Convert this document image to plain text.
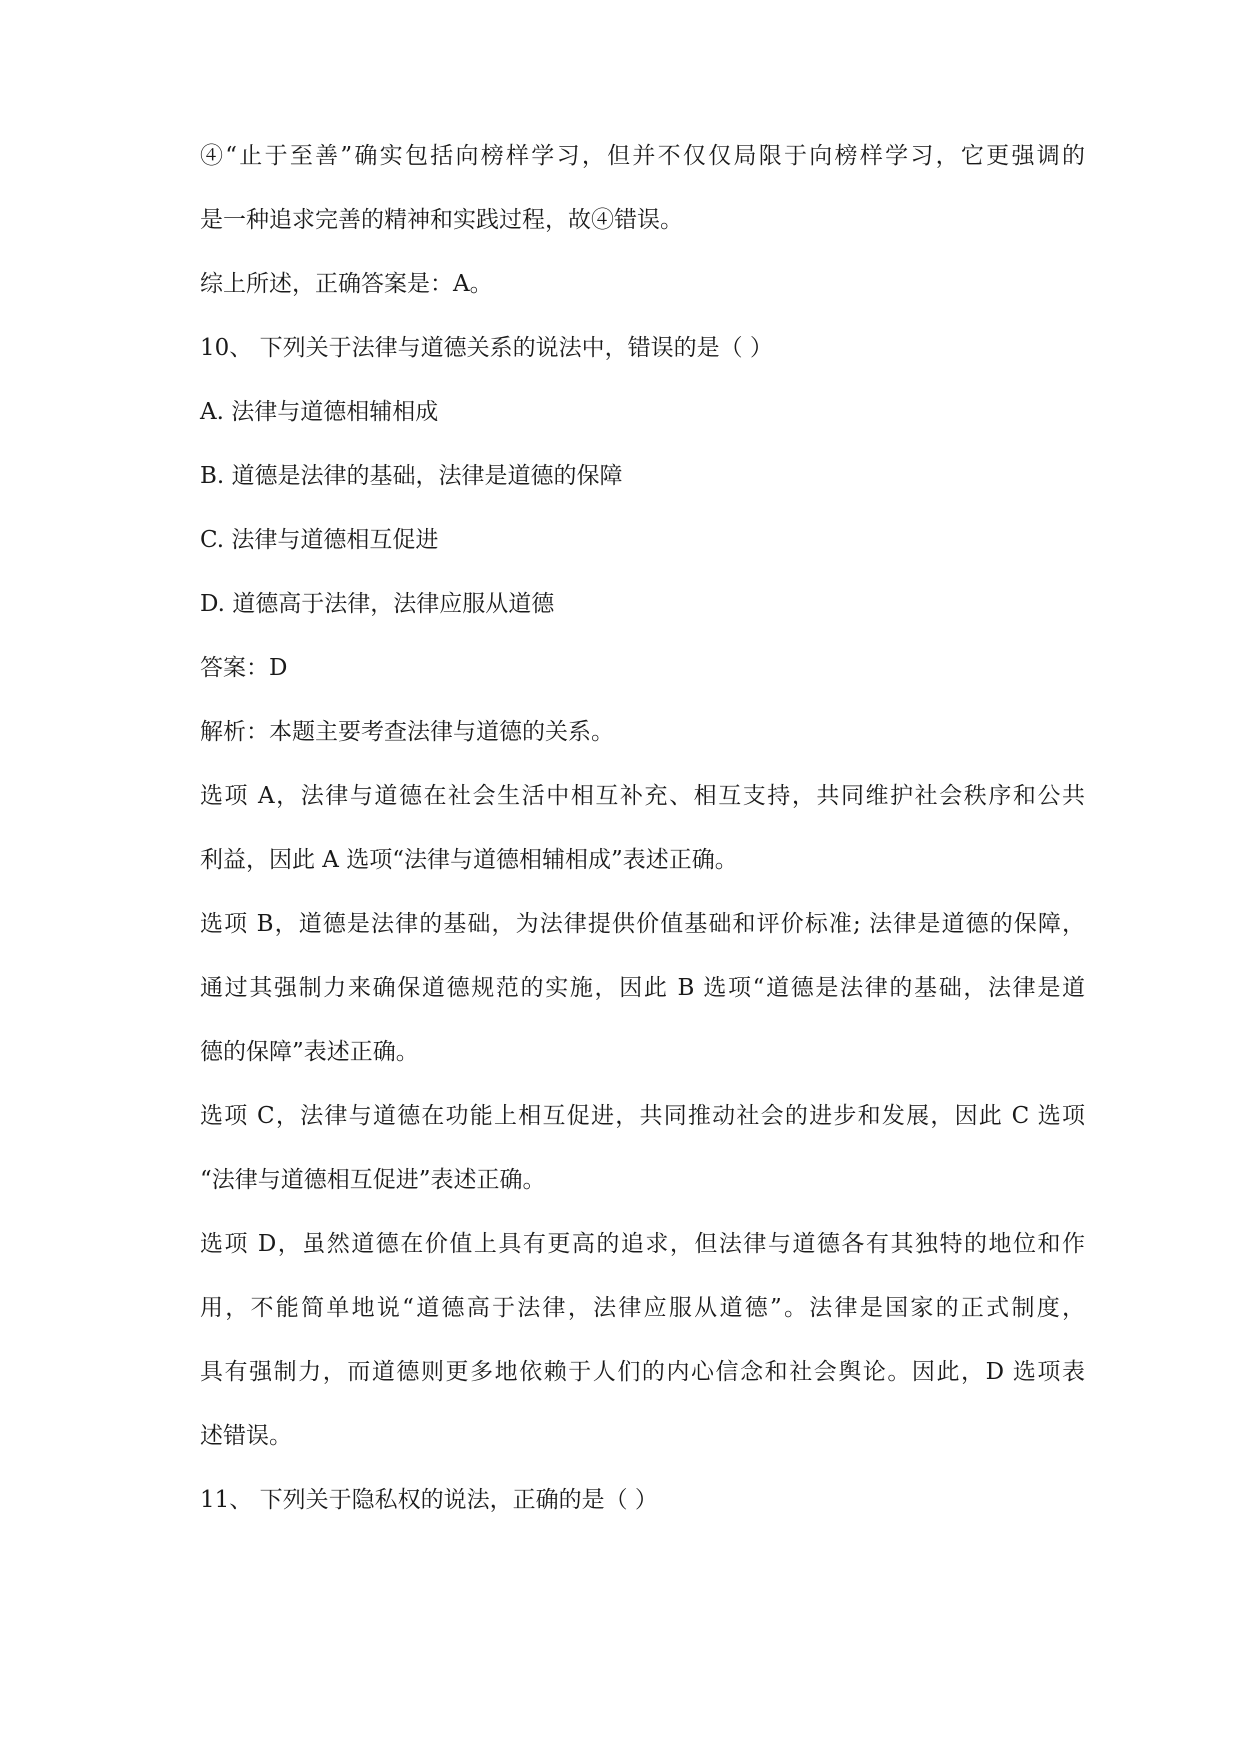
④“止于至善”确实包括向榜样学习，但并不仅仅局限于向榜样学习，它更强调的
是一种追求完善的精神和实践过程，故④错误。
综上所述，正确答案是：A。
10、 下列关于法律与道德关系的说法中，错误的是（ ）
A. 法律与道德相辅相成
B. 道德是法律的基础，法律是道德的保障
C. 法律与道德相互促进
D. 道德高于法律，法律应服从道德
答案：D
解析：本题主要考查法律与道德的关系。
选项 A，法律与道德在社会生活中相互补充、相互支持，共同维护社会秩序和公共
利益，因此 A 选项“法律与道德相辅相成”表述正确。
选项 B，道德是法律的基础，为法律提供价值基础和评价标准; 法律是道德的保障，
通过其强制力来确保道德规范的实施，因此 B 选项“道德是法律的基础，法律是道
德的保障”表述正确。
选项 C，法律与道德在功能上相互促进，共同推动社会的进步和发展，因此 C 选项
“法律与道德相互促进”表述正确。
选项 D，虽然道德在价值上具有更高的追求，但法律与道德各有其独特的地位和作
用，不能简单地说“道德高于法律，法律应服从道德”。法律是国家的正式制度，
具有强制力，而道德则更多地依赖于人们的内心信念和社会舆论。因此，D 选项表
述错误。
11、 下列关于隐私权的说法，正确的是（ ）
